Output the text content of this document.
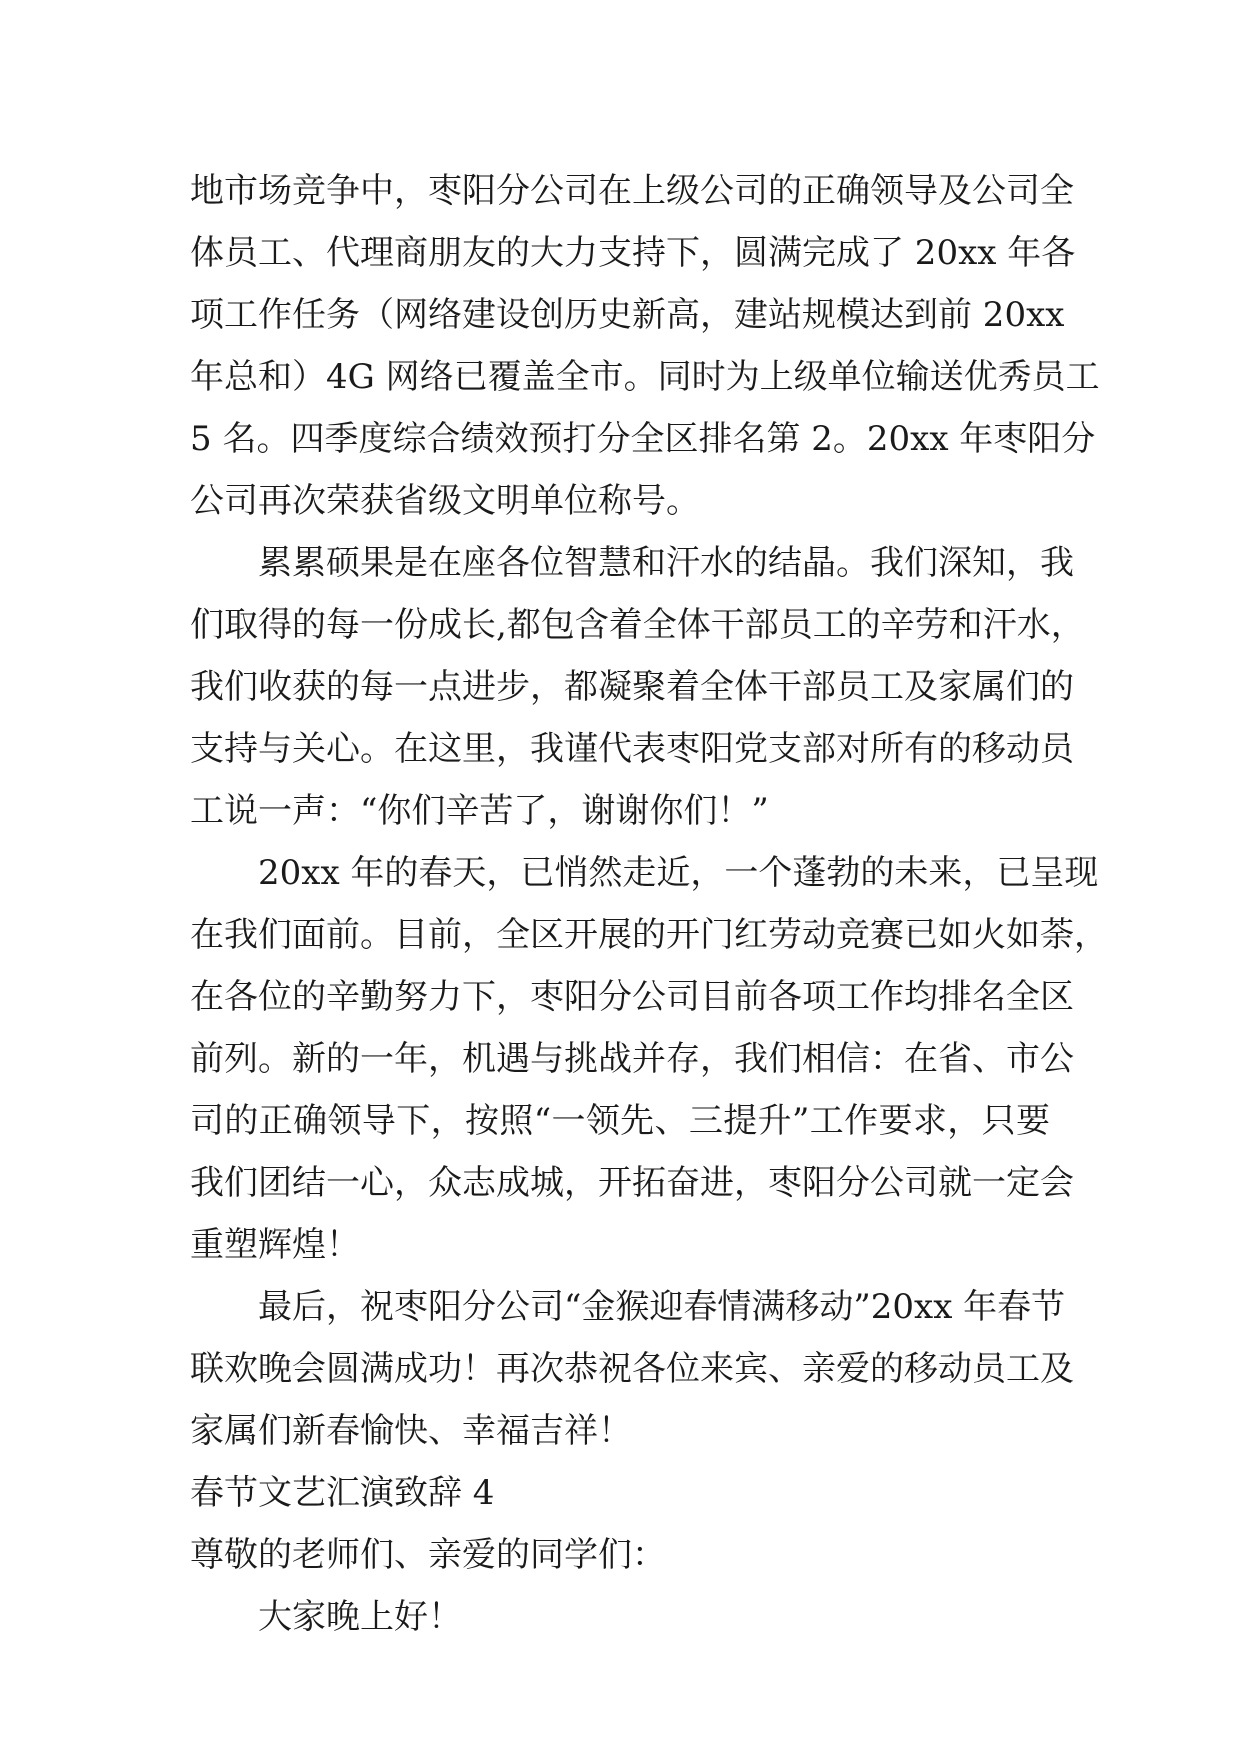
地市场竞争中，枣阳分公司在上级公司的正确领导及公司全
体员工、代理商朋友的大力支持下，圆满完成了 20xx 年各
项工作任务（网络建设创历史新高，建站规模达到前 20xx
年总和）4G 网络已覆盖全市。同时为上级单位输送优秀员工
5 名。四季度综合绩效预打分全区排名第 2。20xx 年枣阳分
公司再次荣获省级文明单位称号。
累累硕果是在座各位智慧和汗水的结晶。我们深知，我
们取得的每一份成长,都包含着全体干部员工的辛劳和汗水，
我们收获的每一点进步，都凝聚着全体干部员工及家属们的
支持与关心。在这里，我谨代表枣阳党支部对所有的移动员
工说一声：“你们辛苦了，谢谢你们！”
20xx 年的春天，已悄然走近，一个蓬勃的未来，已呈现
在我们面前。目前，全区开展的开门红劳动竞赛已如火如荼，
在各位的辛勤努力下，枣阳分公司目前各项工作均排名全区
前列。新的一年，机遇与挑战并存，我们相信：在省、市公
司的正确领导下，按照“一领先、三提升”工作要求，只要
我们团结一心，众志成城，开拓奋进，枣阳分公司就一定会
重塑辉煌！
最后，祝枣阳分公司“金猴迎春情满移动”20xx 年春节
联欢晚会圆满成功！再次恭祝各位来宾、亲爱的移动员工及
家属们新春愉快、幸福吉祥！
春节文艺汇演致辞 4
尊敬的老师们、亲爱的同学们：
大家晚上好！
